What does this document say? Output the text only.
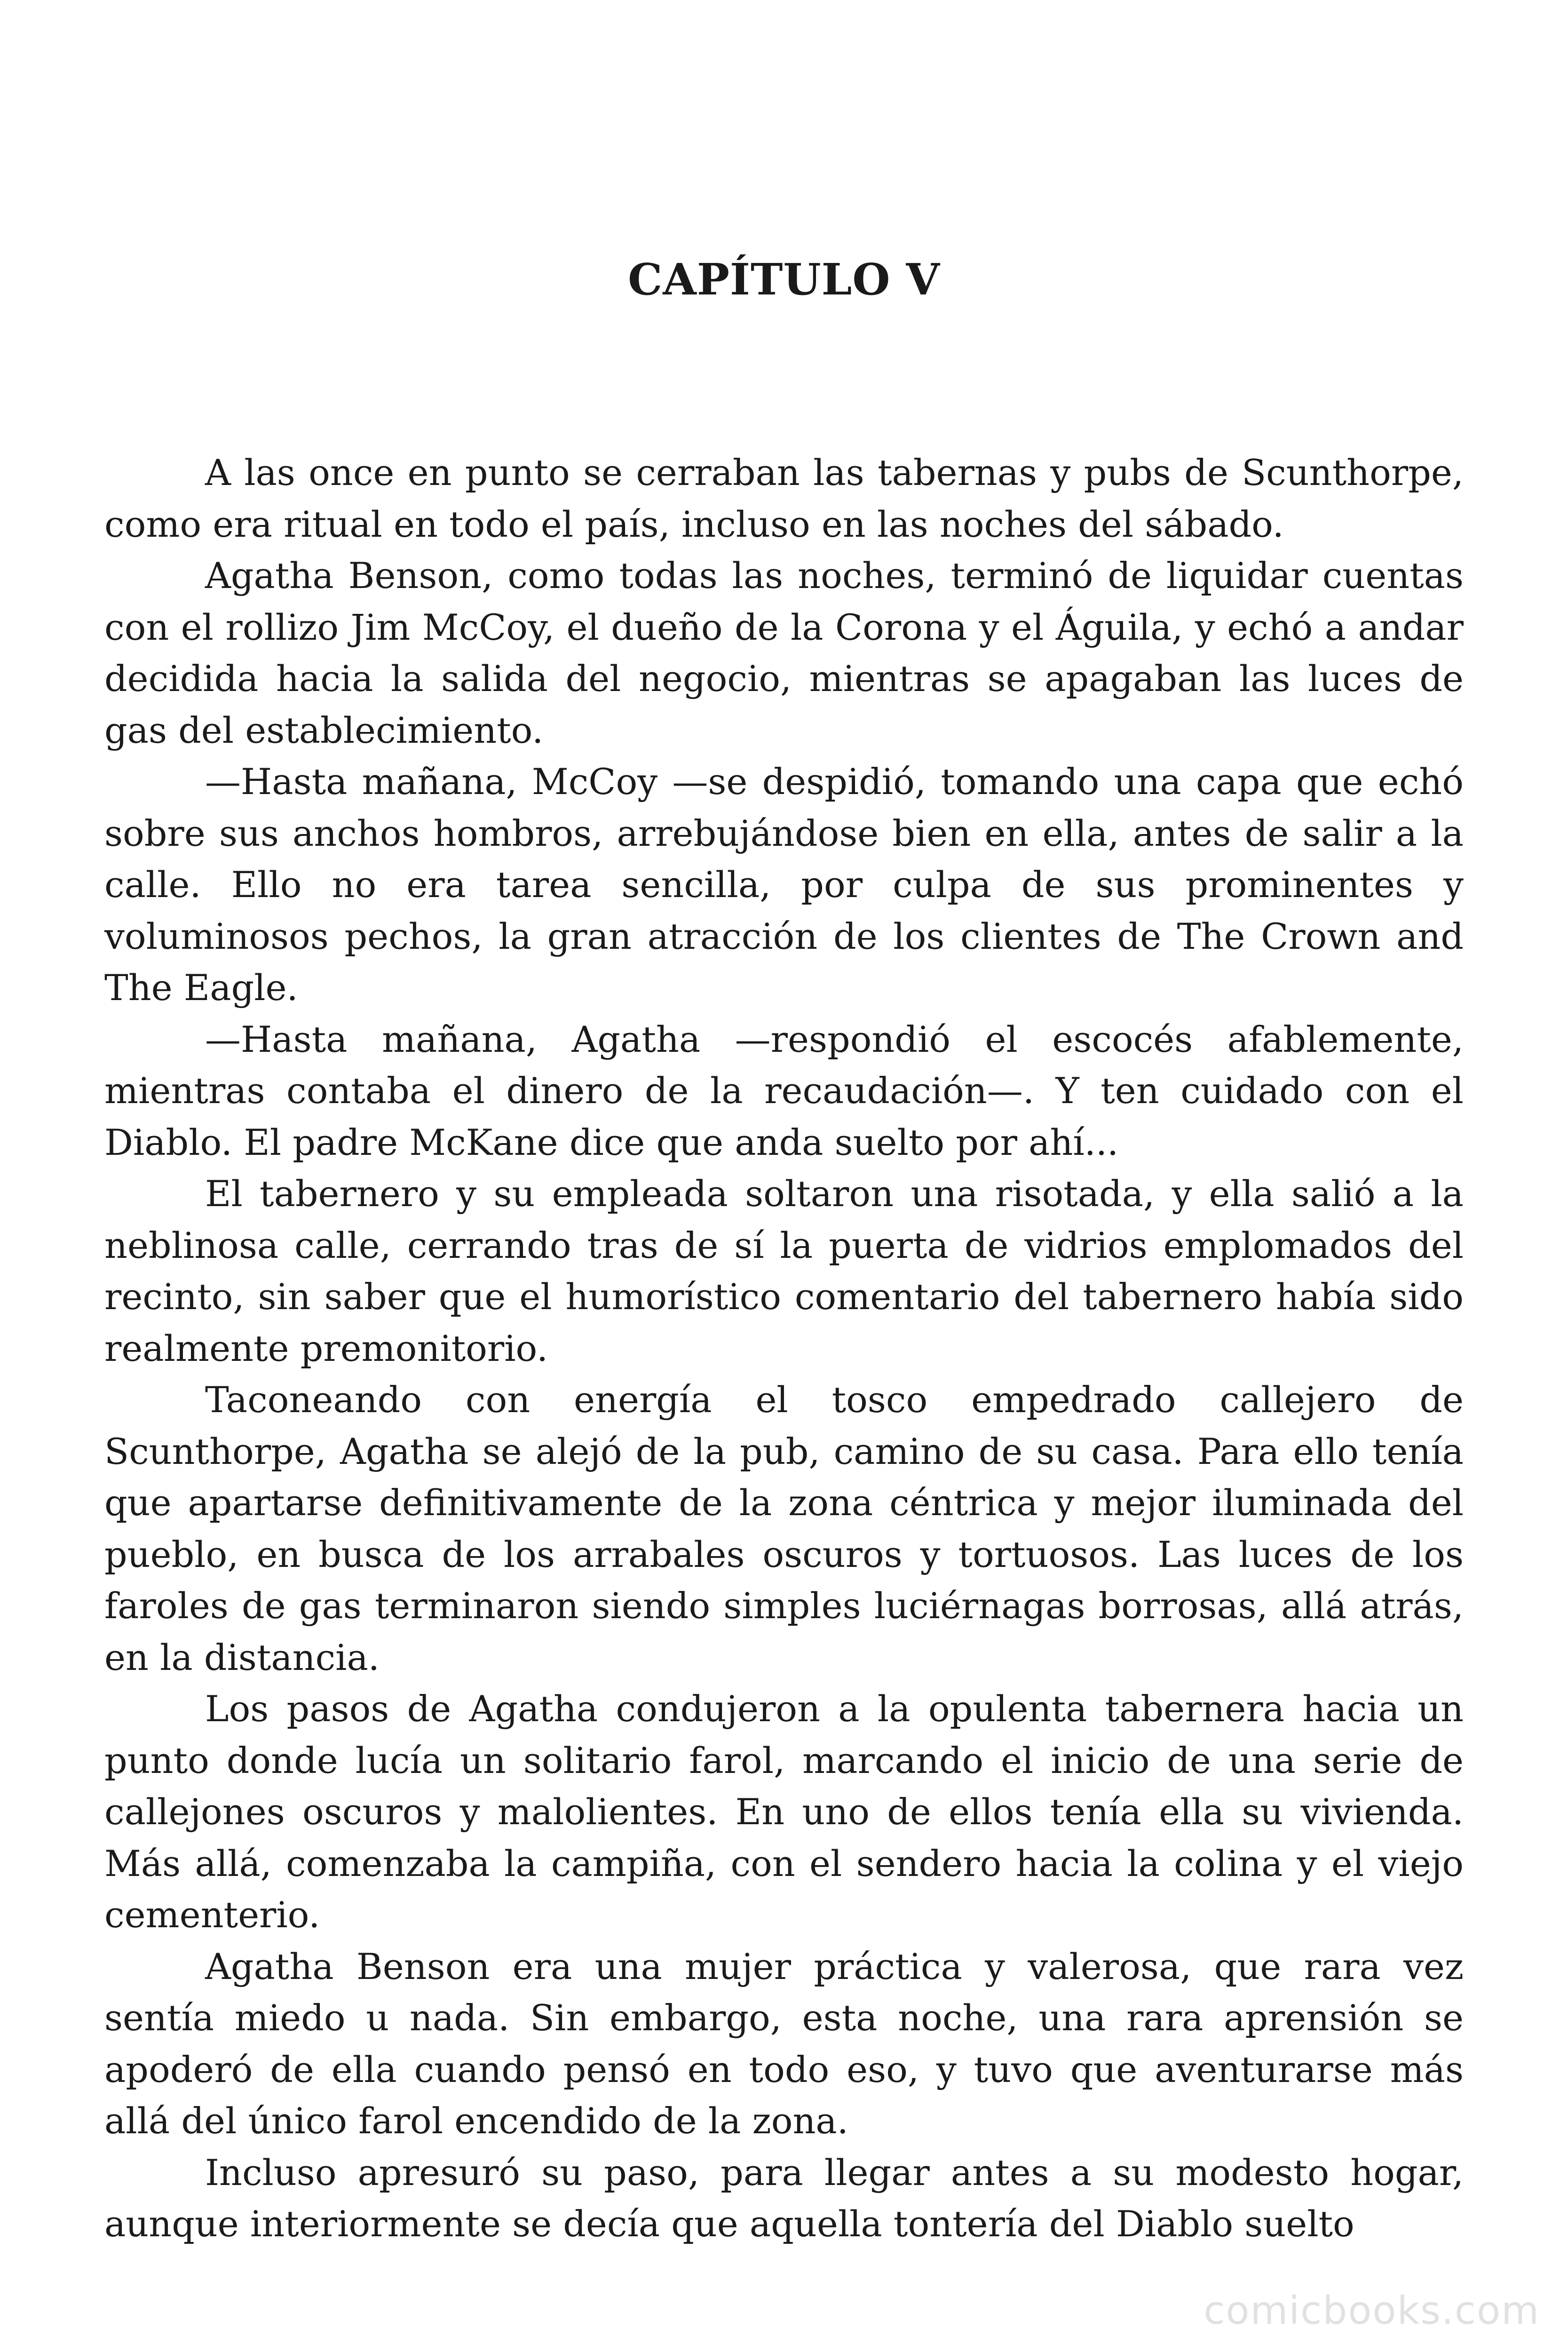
CAPÍTULO V

A las once en punto se cerraban las tabernas y pubs de Scunthorpe, como era ritual en todo el país, incluso en las noches del sábado.

Agatha Benson, como todas las noches, terminó de liquidar cuentas con el rollizo Jim McCoy, el dueño de la Corona y el Águila, y echó a andar decidida hacia la salida del negocio, mientras se apagaban las luces de gas del establecimiento.

—Hasta mañana, McCoy —se despidió, tomando una capa que echó sobre sus anchos hombros, arrebujándose bien en ella, antes de salir a la calle. Ello no era tarea sencilla, por culpa de sus prominentes y voluminosos pechos, la gran atracción de los clientes de The Crown and The Eagle.

—Hasta mañana, Agatha —respondió el escocés afablemente, mientras contaba el dinero de la recaudación—. Y ten cuidado con el Diablo. El padre McKane dice que anda suelto por ahí...

El tabernero y su empleada soltaron una risotada, y ella salió a la neblinosa calle, cerrando tras de sí la puerta de vidrios emplomados del recinto, sin saber que el humorístico comentario del tabernero había sido realmente premonitorio.

Taconeando con energía el tosco empedrado callejero de Scunthorpe, Agatha se alejó de la pub, camino de su casa. Para ello tenía que apartarse definitivamente de la zona céntrica y mejor iluminada del pueblo, en busca de los arrabales oscuros y tortuosos. Las luces de los faroles de gas terminaron siendo simples luciérnagas borrosas, allá atrás, en la distancia.

Los pasos de Agatha condujeron a la opulenta tabernera hacia un punto donde lucía un solitario farol, marcando el inicio de una serie de callejones oscuros y malolientes. En uno de ellos tenía ella su vivienda. Más allá, comenzaba la campiña, con el sendero hacia la colina y el viejo cementerio.

Agatha Benson era una mujer práctica y valerosa, que rara vez sentía miedo u nada. Sin embargo, esta noche, una rara aprensión se apoderó de ella cuando pensó en todo eso, y tuvo que aventurarse más allá del único farol encendido de la zona.

Incluso apresuró su paso, para llegar antes a su modesto hogar, aunque interiormente se decía que aquella tontería del Diablo suelto

comicbooks.com
